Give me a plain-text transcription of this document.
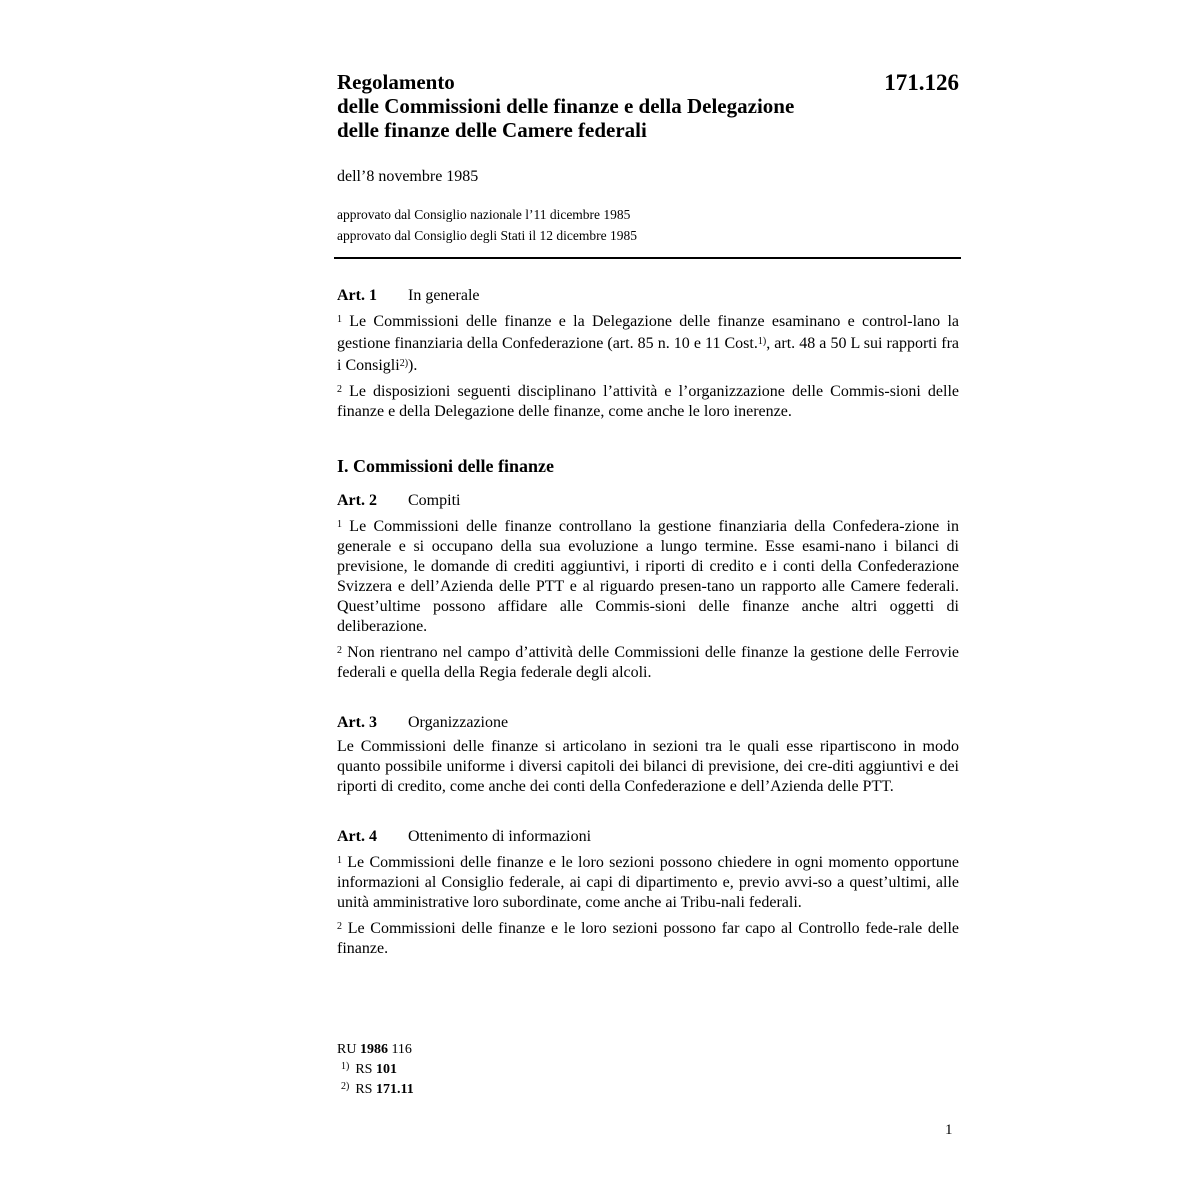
Regolamento

delle Commissioni delle finanze e della Delegazione

delle finanze delle Camere federali

171.126
dell’8 novembre 1985
approvato dal Consiglio nazionale l’11 dicembre 1985
approvato dal Consiglio degli Stati il 12 dicembre 1985
Art. 1 In generale

$^1$ Le Commissioni delle finanze e la Delegazione delle finanze esaminano e control-lano la gestione finanziaria della Confederazione (art. 85 n. 10 e 11 Cost.$^{1)}$, art. 48 a 50 L sui rapporti fra i Consigli$^{2)}$).

$^2$ Le disposizioni seguenti disciplinano l’attività e l’organizzazione delle Commis-sioni delle finanze e della Delegazione delle finanze, come anche le loro inerenze.

I. Commissioni delle finanze
Art. 2 Compiti

$^1$ Le Commissioni delle finanze controllano la gestione finanziaria della Confedera-zione in generale e si occupano della sua evoluzione a lungo termine. Esse esami-nano i bilanci di previsione, le domande di crediti aggiuntivi, i riporti di credito e i conti della Confederazione Svizzera e dell’Azienda delle PTT e al riguardo presen-tano un rapporto alle Camere federali. Quest’ultime possono affidare alle Commis-sioni delle finanze anche altri oggetti di deliberazione.

$^2$ Non rientrano nel campo d’attività delle Commissioni delle finanze la gestione delle Ferrovie federali e quella della Regia federale degli alcoli.

Art. 3 Organizzazione

Le Commissioni delle finanze si articolano in sezioni tra le quali esse ripartiscono in modo quanto possibile uniforme i diversi capitoli dei bilanci di previsione, dei cre-diti aggiuntivi e dei riporti di credito, come anche dei conti della Confederazione e dell’Azienda delle PTT.

Art. 4 Ottenimento di informazioni

$^1$ Le Commissioni delle finanze e le loro sezioni possono chiedere in ogni momento opportune informazioni al Consiglio federale, ai capi di dipartimento e, previo avvi-so a quest’ultimi, alle unità amministrative loro subordinate, come anche ai Tribu-nali federali.

$^2$ Le Commissioni delle finanze e le loro sezioni possono far capo al Controllo fede-rale delle finanze.

RU 1986 116
$^{1)}$ RS 101
$^{2)}$ RS 171.11
1
